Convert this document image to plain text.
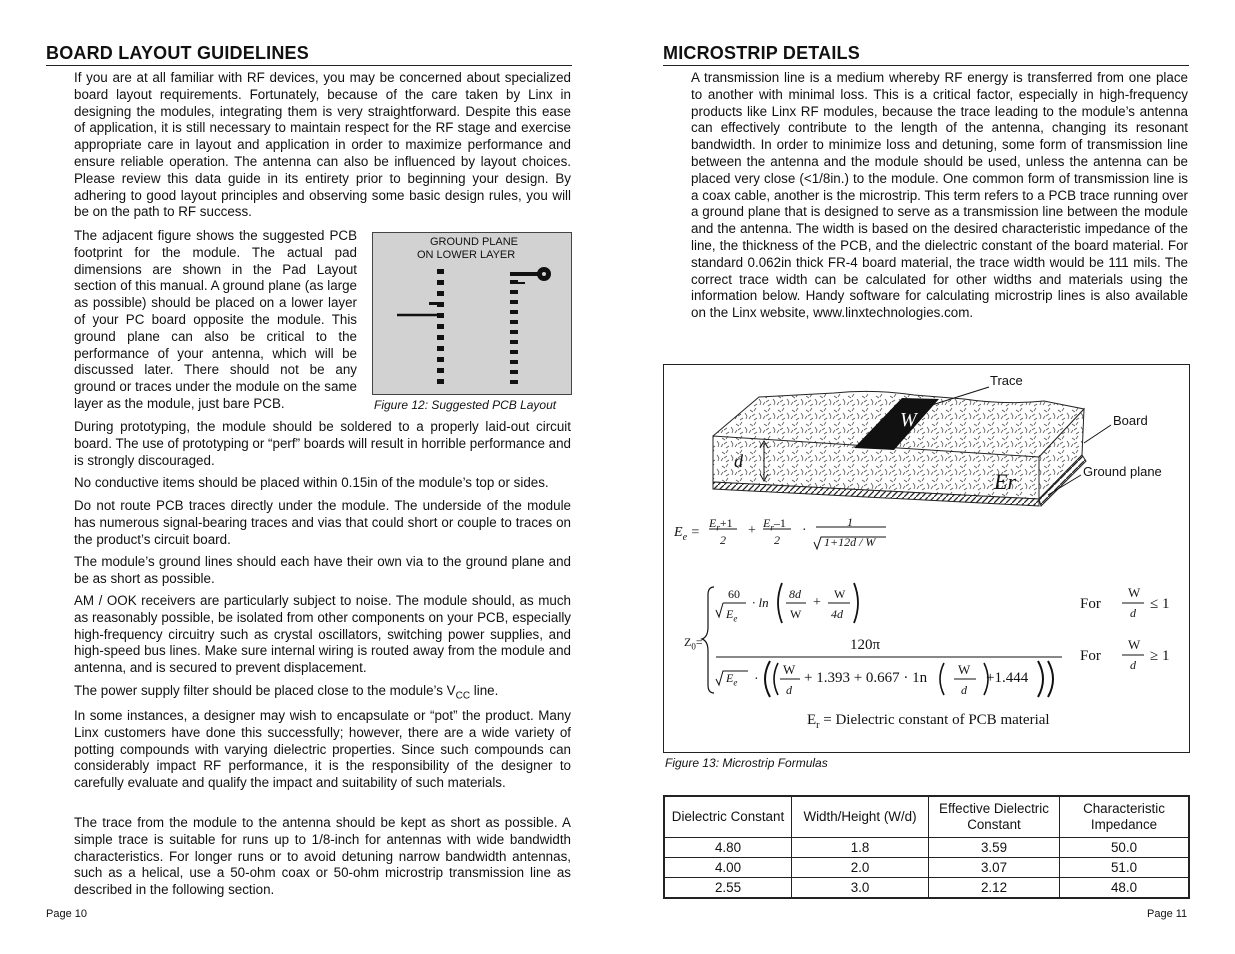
BOARD LAYOUT GUIDELINES

If you are at all familiar with RF devices, you may be concerned about specialized board layout requirements. Fortunately, because of the care taken by Linx in designing the modules, integrating them is very straightforward. Despite this ease of application, it is still necessary to maintain respect for the RF stage and exercise appropriate care in layout and application in order to maximize performance and ensure reliable operation. The antenna can also be influenced by layout choices. Please review this data guide in its entirety prior to beginning your design. By adhering to good layout principles and observing some basic design rules, you will be on the path to RF success.

The adjacent figure shows the suggested PCB footprint for the module. The actual pad dimensions are shown in the Pad Layout section of this manual. A ground plane (as large as possible) should be placed on a lower layer of your PC board opposite the module. This ground plane can also be critical to the performance of your antenna, which will be discussed later. There should not be any ground or traces under the module on the same layer as the module, just bare PCB.

GROUND PLANE
ON LOWER LAYER
Figure 12: Suggested PCB Layout

During prototyping, the module should be soldered to a properly laid-out circuit board. The use of prototyping or “perf” boards will result in horrible performance and is strongly discouraged.

No conductive items should be placed within 0.15in of the module’s top or sides.

Do not route PCB traces directly under the module. The underside of the module has numerous signal-bearing traces and vias that could short or couple to traces on the product’s circuit board.

The module’s ground lines should each have their own via to the ground plane and be as short as possible.

AM / OOK receivers are particularly subject to noise. The module should, as much as reasonably possible, be isolated from other components on your PCB, especially high-frequency circuitry such as crystal oscillators, switching power supplies, and high-speed bus lines. Make sure internal wiring is routed away from the module and antenna, and is secured to prevent displacement.

The power supply filter should be placed close to the module’s $V_{CC}$ line.

In some instances, a designer may wish to encapsulate or “pot” the product. Many Linx customers have done this successfully; however, there are a wide variety of potting compounds with varying dielectric properties. Since such compounds can considerably impact RF performance, it is the responsibility of the designer to carefully evaluate and qualify the impact and suitability of such materials.

The trace from the module to the antenna should be kept as short as possible. A simple trace is suitable for runs up to 1/8-inch for antennas with wide bandwidth characteristics. For longer runs or to avoid detuning narrow bandwidth antennas, such as a helical, use a 50-ohm coax or 50-ohm microstrip transmission line as described in the following section.

Page 10
MICROSTRIP DETAILS

A transmission line is a medium whereby RF energy is transferred from one place to another with minimal loss. This is a critical factor, especially in high-frequency products like Linx RF modules, because the trace leading to the module’s antenna can effectively contribute to the length of the antenna, changing its resonant bandwidth. In order to minimize loss and detuning, some form of transmission line between the antenna and the module should be used, unless the antenna can be placed very close (<1/8in.) to the module. One common form of transmission line is a coax cable, another is the microstrip. This term refers to a PCB trace running over a ground plane that is designed to serve as a transmission line between the module and the antenna. The width is based on the desired characteristic impedance of the line, the thickness of the PCB, and the dielectric constant of the board material. For standard 0.062in thick FR-4 board material, the trace width would be 111 mils. The correct trace width can be calculated for other widths and materials using the information below. Handy software for calculating microstrip lines is also available on the Linx website, www.linxtechnologies.com.

Trace
Board
Ground plane
W
d
Er
$E_e$ =
$E_r+1$
2
+ $E_r-1$
2
·
1
1+12d / W
$Z_0=$
60
$E_e$
· ln
8d
W
+
W
4d
120π
$E_e$ ·
W
d
+ 1.393 + 0.667 · 1n
W
d
+1.444
For
W
d
≤ 1
For
W
d
≥ 1
$E_r$ = Dielectric constant of PCB material
Figure 13: Microstrip Formulas
Dielectric Constant	Width/Height (W/d)	Effective Dielectric Constant	Characteristic Impedance
4.80	1.8	3.59	50.0
4.00	2.0	3.07	51.0
2.55	3.0	2.12	48.0
Page 11
